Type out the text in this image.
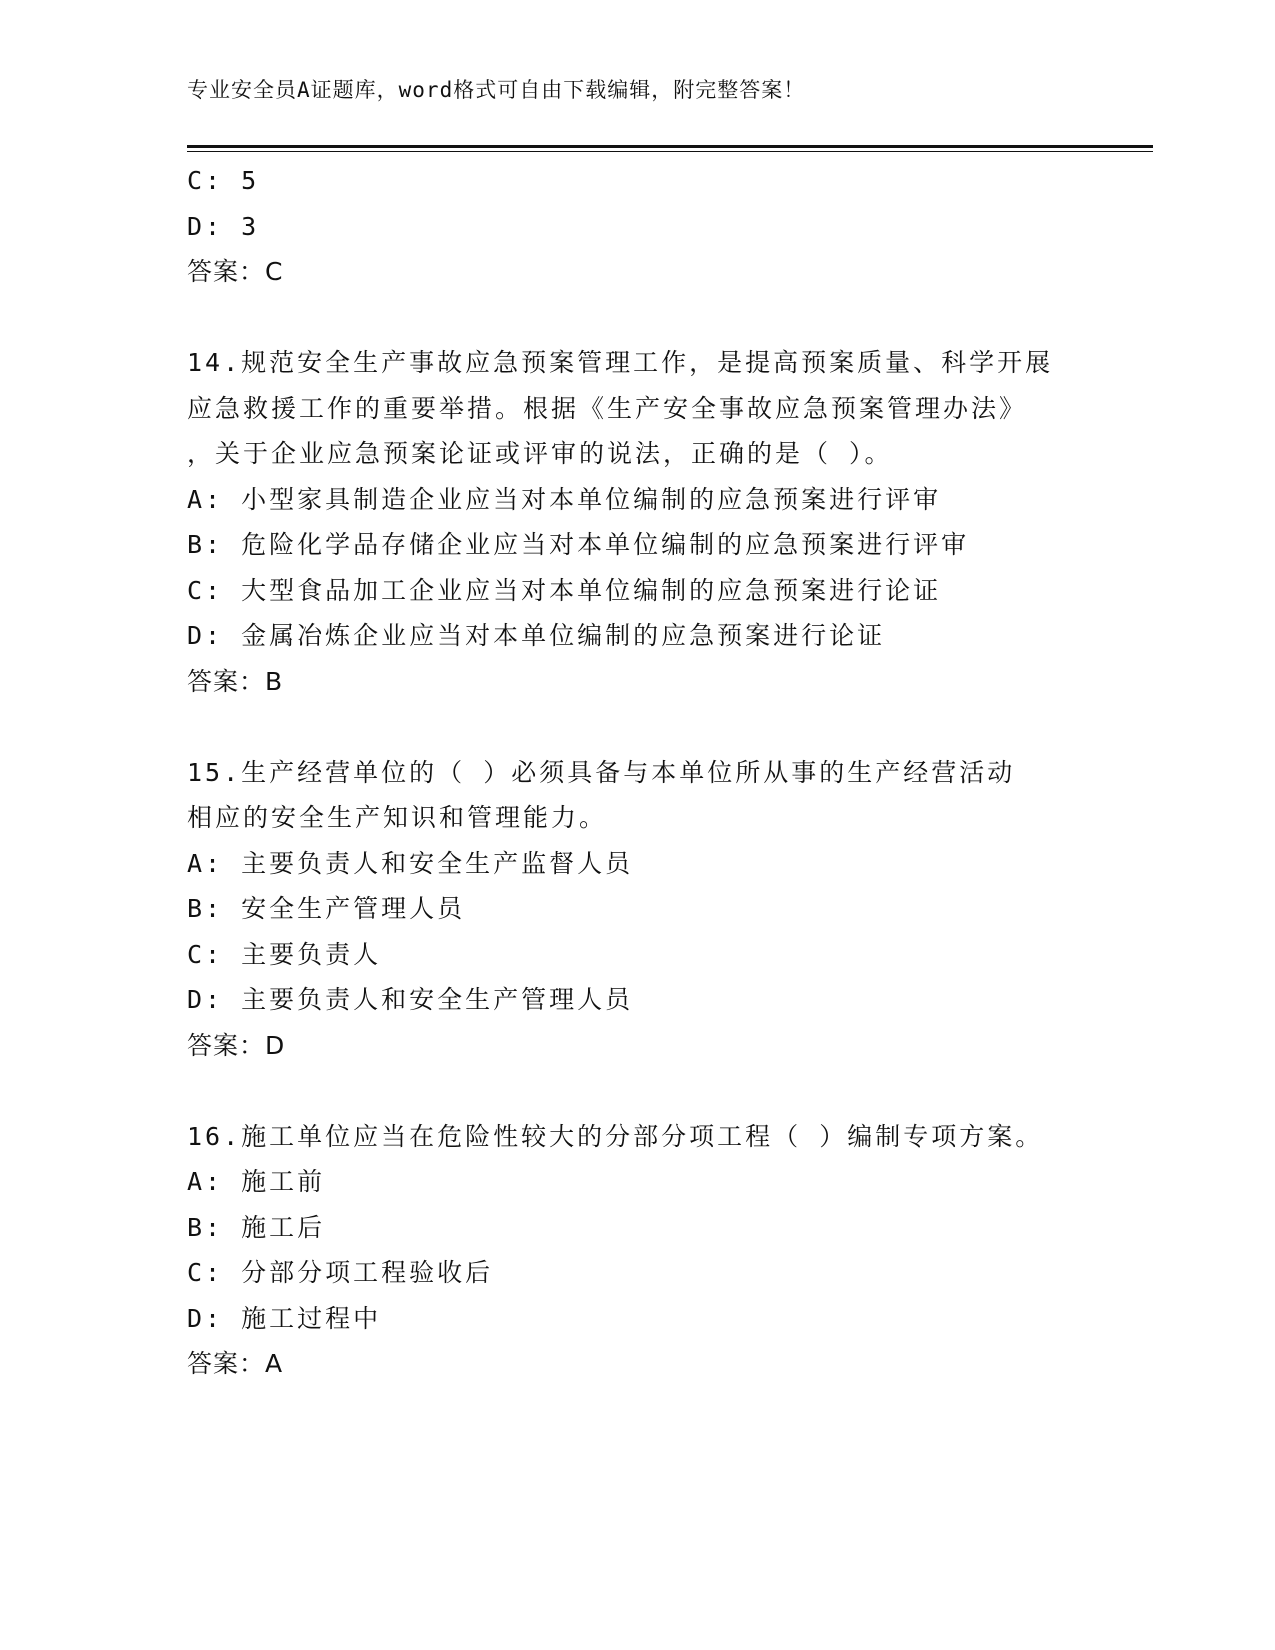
专业安全员A证题库，word格式可自由下载编辑，附完整答案！
C: 5
D: 3
答案：C
14.规范安全生产事故应急预案管理工作，是提高预案质量、科学开展
应急救援工作的重要举措。根据《生产安全事故应急预案管理办法》
，关于企业应急预案论证或评审的说法，正确的是（ ）。
A: 小型家具制造企业应当对本单位编制的应急预案进行评审
B: 危险化学品存储企业应当对本单位编制的应急预案进行评审
C: 大型食品加工企业应当对本单位编制的应急预案进行论证
D: 金属冶炼企业应当对本单位编制的应急预案进行论证
答案：B
15.生产经营单位的（ ）必须具备与本单位所从事的生产经营活动
相应的安全生产知识和管理能力。
A: 主要负责人和安全生产监督人员
B: 安全生产管理人员
C: 主要负责人
D: 主要负责人和安全生产管理人员
答案：D
16.施工单位应当在危险性较大的分部分项工程（ ）编制专项方案。
A: 施工前
B: 施工后
C: 分部分项工程验收后
D: 施工过程中
答案：A
